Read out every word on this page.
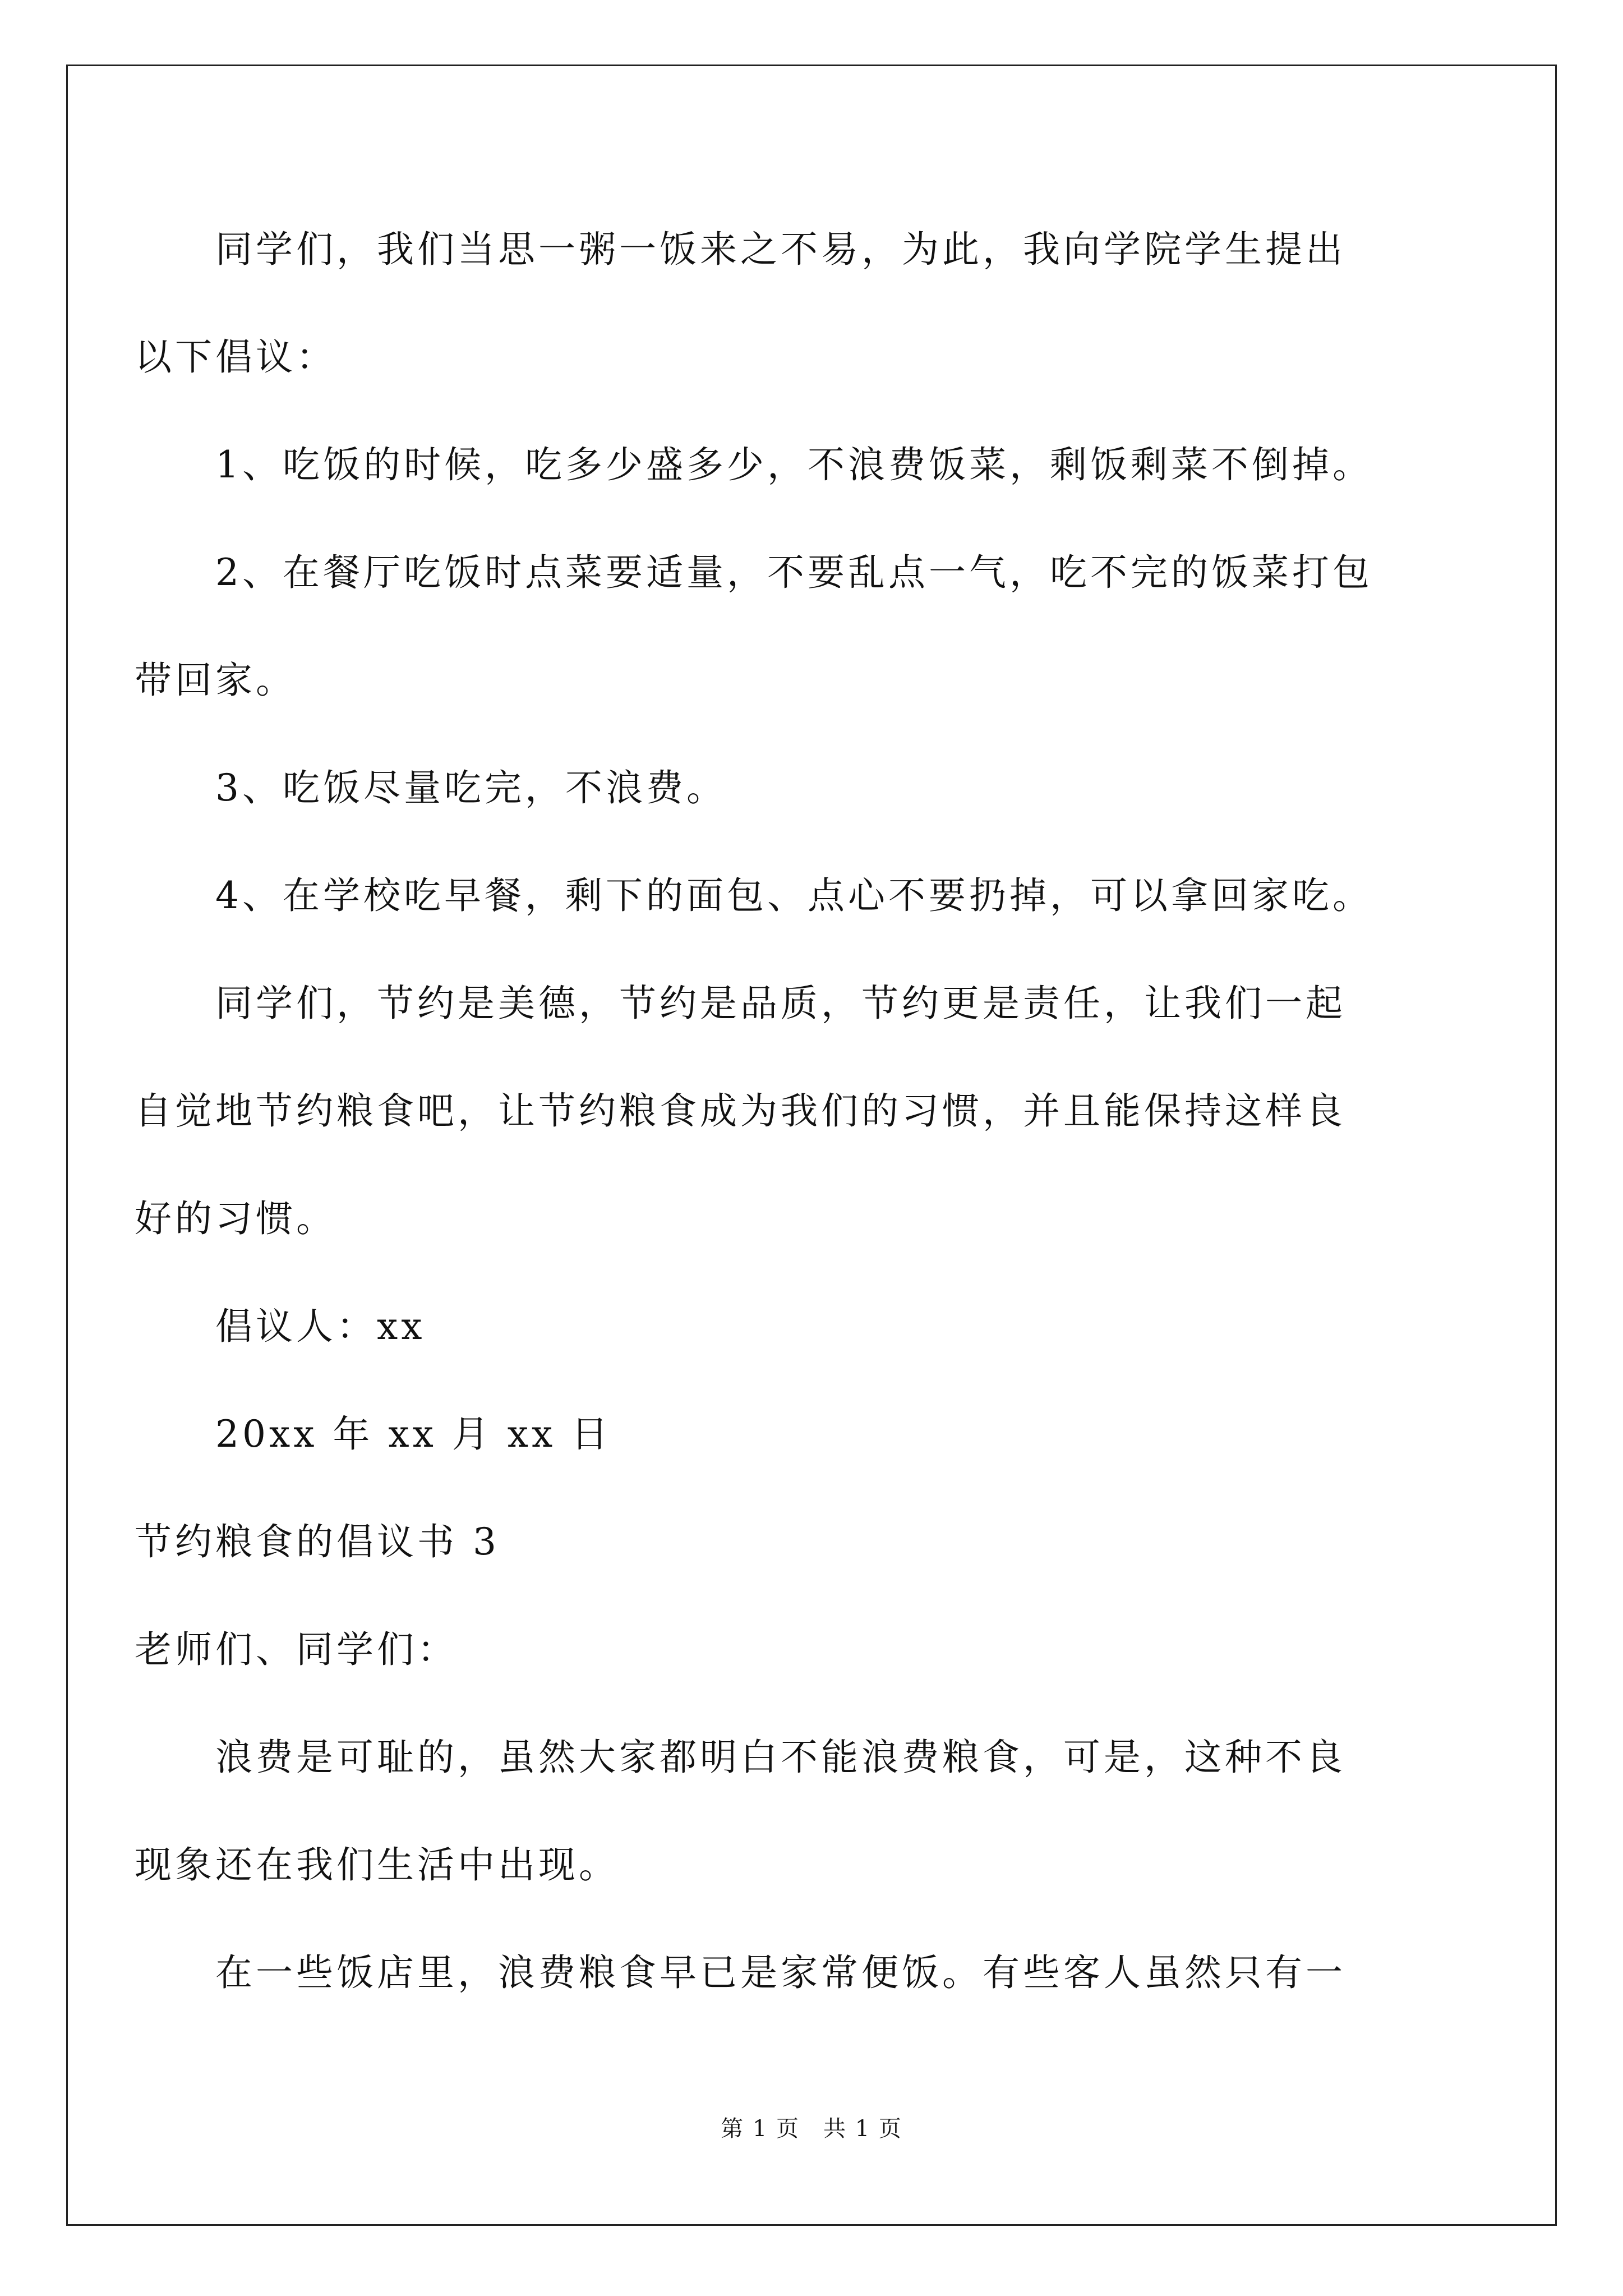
同学们，我们当思一粥一饭来之不易，为此，我向学院学生提出
以下倡议：
1、吃饭的时候，吃多少盛多少，不浪费饭菜，剩饭剩菜不倒掉。
2、在餐厅吃饭时点菜要适量，不要乱点一气，吃不完的饭菜打包
带回家。
3、吃饭尽量吃完，不浪费。
4、在学校吃早餐，剩下的面包、点心不要扔掉，可以拿回家吃。
同学们，节约是美德，节约是品质，节约更是责任，让我们一起
自觉地节约粮食吧，让节约粮食成为我们的习惯，并且能保持这样良
好的习惯。
倡议人：xx
20xx 年 xx 月 xx 日
节约粮食的倡议书 3
老师们、同学们：
浪费是可耻的，虽然大家都明白不能浪费粮食，可是，这种不良
现象还在我们生活中出现。
在一些饭店里，浪费粮食早已是家常便饭。有些客人虽然只有一
第 1 页　共 1 页
